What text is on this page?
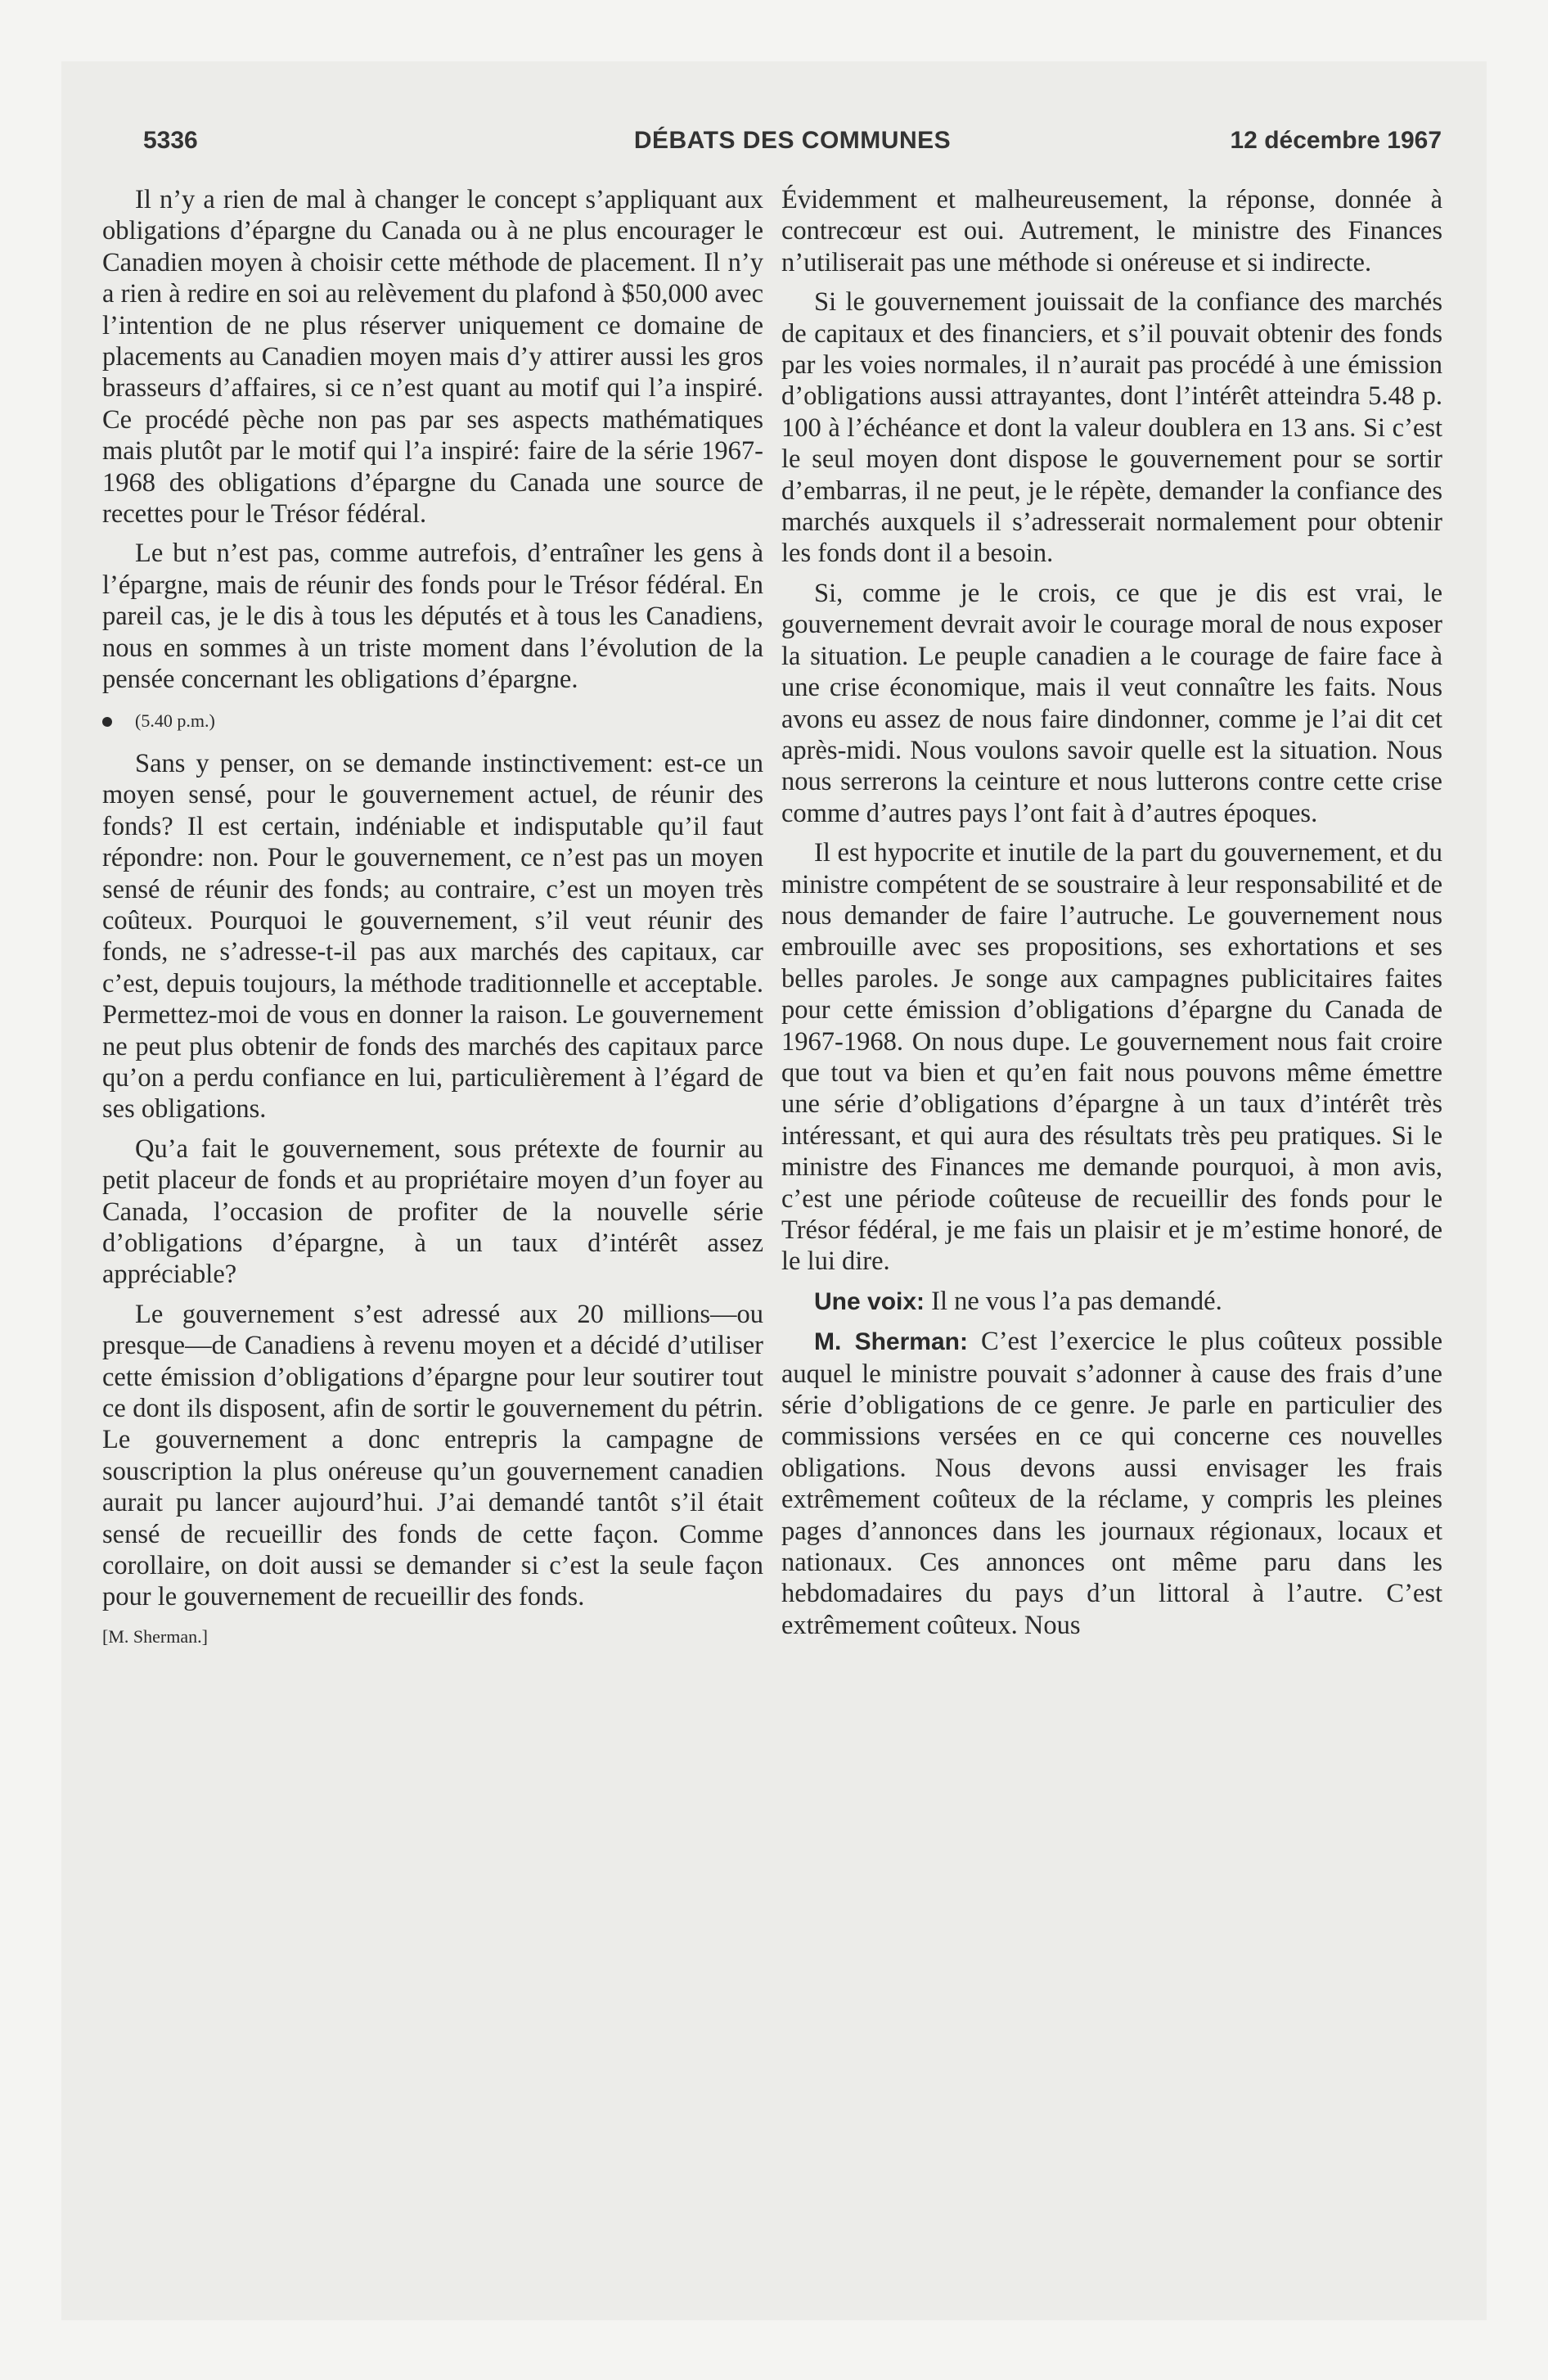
5336	DÉBATS DES COMMUNES	12 décembre 1967

Il n’y a rien de mal à changer le concept s’appliquant aux obligations d’épargne du Canada ou à ne plus encourager le Canadien moyen à choisir cette méthode de placement. Il n’y a rien à redire en soi au relèvement du plafond à $50,000 avec l’intention de ne plus réserver uniquement ce domaine de placements au Canadien moyen mais d’y attirer aussi les gros brasseurs d’affaires, si ce n’est quant au motif qui l’a inspiré. Ce procédé pèche non pas par ses aspects mathématiques mais plutôt par le motif qui l’a inspiré: faire de la série 1967-1968 des obligations d’épargne du Canada une source de recettes pour le Trésor fédéral.

Le but n’est pas, comme autrefois, d’entraîner les gens à l’épargne, mais de réunir des fonds pour le Trésor fédéral. En pareil cas, je le dis à tous les députés et à tous les Canadiens, nous en sommes à un triste moment dans l’évolution de la pensée concernant les obligations d’épargne.

(5.40 p.m.)

Sans y penser, on se demande instinctivement: est-ce un moyen sensé, pour le gouvernement actuel, de réunir des fonds? Il est certain, indéniable et indisputable qu’il faut répondre: non. Pour le gouvernement, ce n’est pas un moyen sensé de réunir des fonds; au contraire, c’est un moyen très coûteux. Pourquoi le gouvernement, s’il veut réunir des fonds, ne s’adresse-t-il pas aux marchés des capitaux, car c’est, depuis toujours, la méthode traditionnelle et acceptable. Permettez-moi de vous en donner la raison. Le gouvernement ne peut plus obtenir de fonds des marchés des capitaux parce qu’on a perdu confiance en lui, particulièrement à l’égard de ses obligations.

Qu’a fait le gouvernement, sous prétexte de fournir au petit placeur de fonds et au propriétaire moyen d’un foyer au Canada, l’occasion de profiter de la nouvelle série d’obligations d’épargne, à un taux d’intérêt assez appréciable?

Le gouvernement s’est adressé aux 20 millions—ou presque—de Canadiens à revenu moyen et a décidé d’utiliser cette émission d’obligations d’épargne pour leur soutirer tout ce dont ils disposent, afin de sortir le gouvernement du pétrin. Le gouvernement a donc entrepris la campagne de souscription la plus onéreuse qu’un gouvernement canadien aurait pu lancer aujourd’hui. J’ai demandé tantôt s’il était sensé de recueillir des fonds de cette façon. Comme corollaire, on doit aussi se demander si c’est la seule façon pour le gouvernement de recueillir des fonds.

[M. Sherman.]

Évidemment et malheureusement, la réponse, donnée à contrecœur est oui. Autrement, le ministre des Finances n’utiliserait pas une méthode si onéreuse et si indirecte.

Si le gouvernement jouissait de la confiance des marchés de capitaux et des financiers, et s’il pouvait obtenir des fonds par les voies normales, il n’aurait pas procédé à une émission d’obligations aussi attrayantes, dont l’intérêt atteindra 5.48 p. 100 à l’échéance et dont la valeur doublera en 13 ans. Si c’est le seul moyen dont dispose le gouvernement pour se sortir d’embarras, il ne peut, je le répète, demander la confiance des marchés auxquels il s’adresserait normalement pour obtenir les fonds dont il a besoin.

Si, comme je le crois, ce que je dis est vrai, le gouvernement devrait avoir le courage moral de nous exposer la situation. Le peuple canadien a le courage de faire face à une crise économique, mais il veut connaître les faits. Nous avons eu assez de nous faire dindonner, comme je l’ai dit cet après-midi. Nous voulons savoir quelle est la situation. Nous nous serrerons la ceinture et nous lutterons contre cette crise comme d’autres pays l’ont fait à d’autres époques.

Il est hypocrite et inutile de la part du gouvernement, et du ministre compétent de se soustraire à leur responsabilité et de nous demander de faire l’autruche. Le gouvernement nous embrouille avec ses propositions, ses exhortations et ses belles paroles. Je songe aux campagnes publicitaires faites pour cette émission d’obligations d’épargne du Canada de 1967-1968. On nous dupe. Le gouvernement nous fait croire que tout va bien et qu’en fait nous pouvons même émettre une série d’obligations d’épargne à un taux d’intérêt très intéressant, et qui aura des résultats très peu pratiques. Si le ministre des Finances me demande pourquoi, à mon avis, c’est une période coûteuse de recueillir des fonds pour le Trésor fédéral, je me fais un plaisir et je m’estime honoré, de le lui dire.

Une voix: Il ne vous l’a pas demandé.

M. Sherman: C’est l’exercice le plus coûteux possible auquel le ministre pouvait s’adonner à cause des frais d’une série d’obligations de ce genre. Je parle en particulier des commissions versées en ce qui concerne ces nouvelles obligations. Nous devons aussi envisager les frais extrêmement coûteux de la réclame, y compris les pleines pages d’annonces dans les journaux régionaux, locaux et nationaux. Ces annonces ont même paru dans les hebdomadaires du pays d’un littoral à l’autre. C’est extrêmement coûteux. Nous
